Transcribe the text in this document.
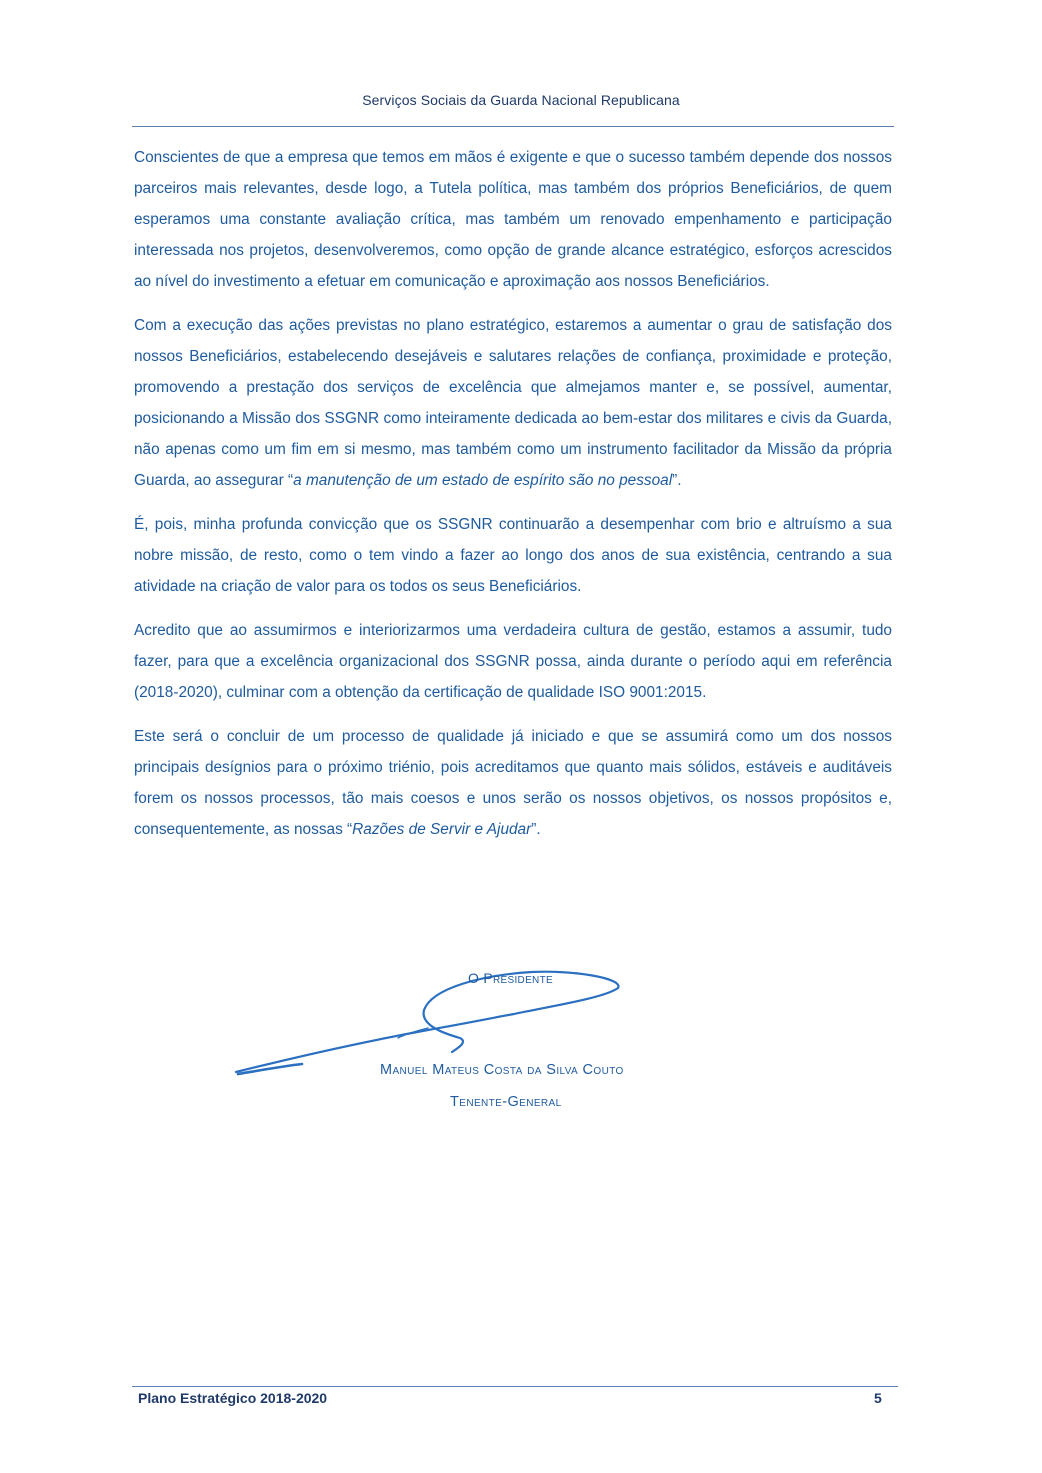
Serviços Sociais da Guarda Nacional Republicana

Conscientes de que a empresa que temos em mãos é exigente e que o sucesso também depende dos nossos parceiros mais relevantes, desde logo, a Tutela política, mas também dos próprios Beneficiários, de quem esperamos uma constante avaliação crítica, mas também um renovado empenhamento e participação interessada nos projetos, desenvolveremos, como opção de grande alcance estratégico, esforços acrescidos ao nível do investimento a efetuar em comunicação e aproximação aos nossos Beneficiários.

Com a execução das ações previstas no plano estratégico, estaremos a aumentar o grau de satisfação dos nossos Beneficiários, estabelecendo desejáveis e salutares relações de confiança, proximidade e proteção, promovendo a prestação dos serviços de excelência que almejamos manter e, se possível, aumentar, posicionando a Missão dos SSGNR como inteiramente dedicada ao bem-estar dos militares e civis da Guarda, não apenas como um fim em si mesmo, mas também como um instrumento facilitador da Missão da própria Guarda, ao assegurar “a manutenção de um estado de espírito são no pessoal”.

É, pois, minha profunda convicção que os SSGNR continuarão a desempenhar com brio e altruísmo a sua nobre missão, de resto, como o tem vindo a fazer ao longo dos anos de sua existência, centrando a sua atividade na criação de valor para os todos os seus Beneficiários.

Acredito que ao assumirmos e interiorizarmos uma verdadeira cultura de gestão, estamos a assumir, tudo fazer, para que a excelência organizacional dos SSGNR possa, ainda durante o período aqui em referência (2018-2020), culminar com a obtenção da certificação de qualidade ISO 9001:2015.

Este será o concluir de um processo de qualidade já iniciado e que se assumirá como um dos nossos principais desígnios para o próximo triénio, pois acreditamos que quanto mais sólidos, estáveis e auditáveis forem os nossos processos, tão mais coesos e unos serão os nossos objetivos, os nossos propósitos e, consequentemente, as nossas “Razões de Servir e Ajudar”.

O Presidente
Manuel Mateus Costa da Silva Couto
Tenente-General
Plano Estratégico 2018-2020	5
